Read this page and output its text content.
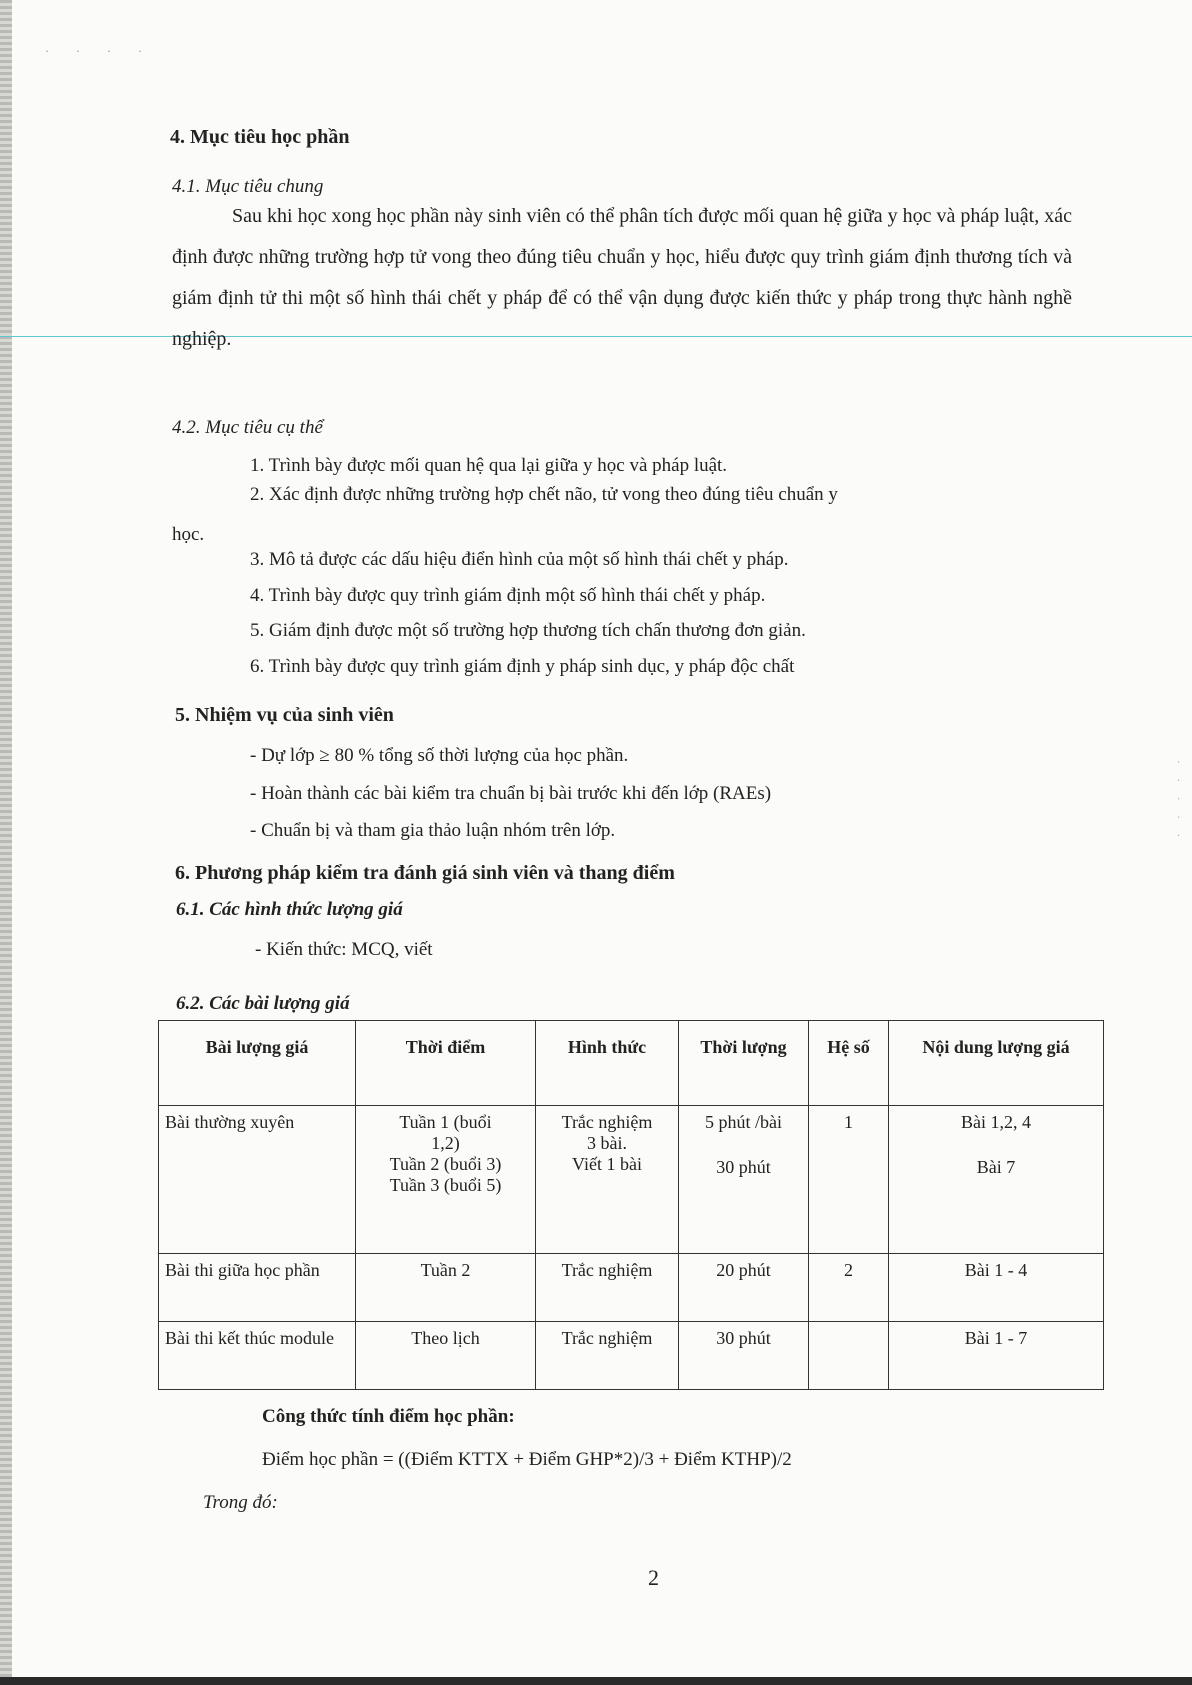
· · · ·
· · · · ·
4. Mục tiêu học phần
4.1. Mục tiêu chung
Sau khi học xong học phần này sinh viên có thể phân tích được mối quan hệ giữa y học và pháp luật, xác định được những trường hợp tử vong theo đúng tiêu chuẩn y học, hiểu được quy trình giám định thương tích và giám định tử thi một số hình thái chết y pháp để có thể vận dụng được kiến thức y pháp trong thực hành nghề nghiệp.
4.2. Mục tiêu cụ thể
1. Trình bày được mối quan hệ qua lại giữa y học và pháp luật.
2. Xác định được những trường hợp chết não, tử vong theo đúng tiêu chuẩn y
học.
3. Mô tả được các dấu hiệu điển hình của một số hình thái chết y pháp.
4. Trình bày được quy trình giám định một số hình thái chết y pháp.
5. Giám định được một số trường hợp thương tích chấn thương đơn giản.
6. Trình bày được quy trình giám định y pháp sinh dục, y pháp độc chất
5. Nhiệm vụ của sinh viên
- Dự lớp ≥ 80 % tổng số thời lượng của học phần.
- Hoàn thành các bài kiểm tra chuẩn bị bài trước khi đến lớp (RAEs)
- Chuẩn bị và tham gia thảo luận nhóm trên lớp.
6. Phương pháp kiểm tra đánh giá sinh viên và thang điểm
6.1. Các hình thức lượng giá
- Kiến thức: MCQ, viết
6.2. Các bài lượng giá
Bài lượng giá	Thời điểm	Hình thức	Thời lượng	Hệ số	Nội dung lượng giá
Bài thường xuyên	Tuần 1 (buổi
1,2)
Tuần 2 (buổi 3)
Tuần 3 (buổi 5)	Trắc nghiệm
3 bài.
Viết 1 bài	5 phút /bài
30 phút	1	Bài 1,2, 4
Bài 7

Bài thi giữa học phần	Tuần 2	Trắc nghiệm	20 phút	2	Bài 1 - 4
Bài thi kết thúc module	Theo lịch	Trắc nghiệm	30 phút		Bài 1 - 7
Công thức tính điểm học phần:
Điểm học phần = ((Điểm KTTX + Điểm GHP*2)/3 + Điểm KTHP)/2
Trong đó:
2
